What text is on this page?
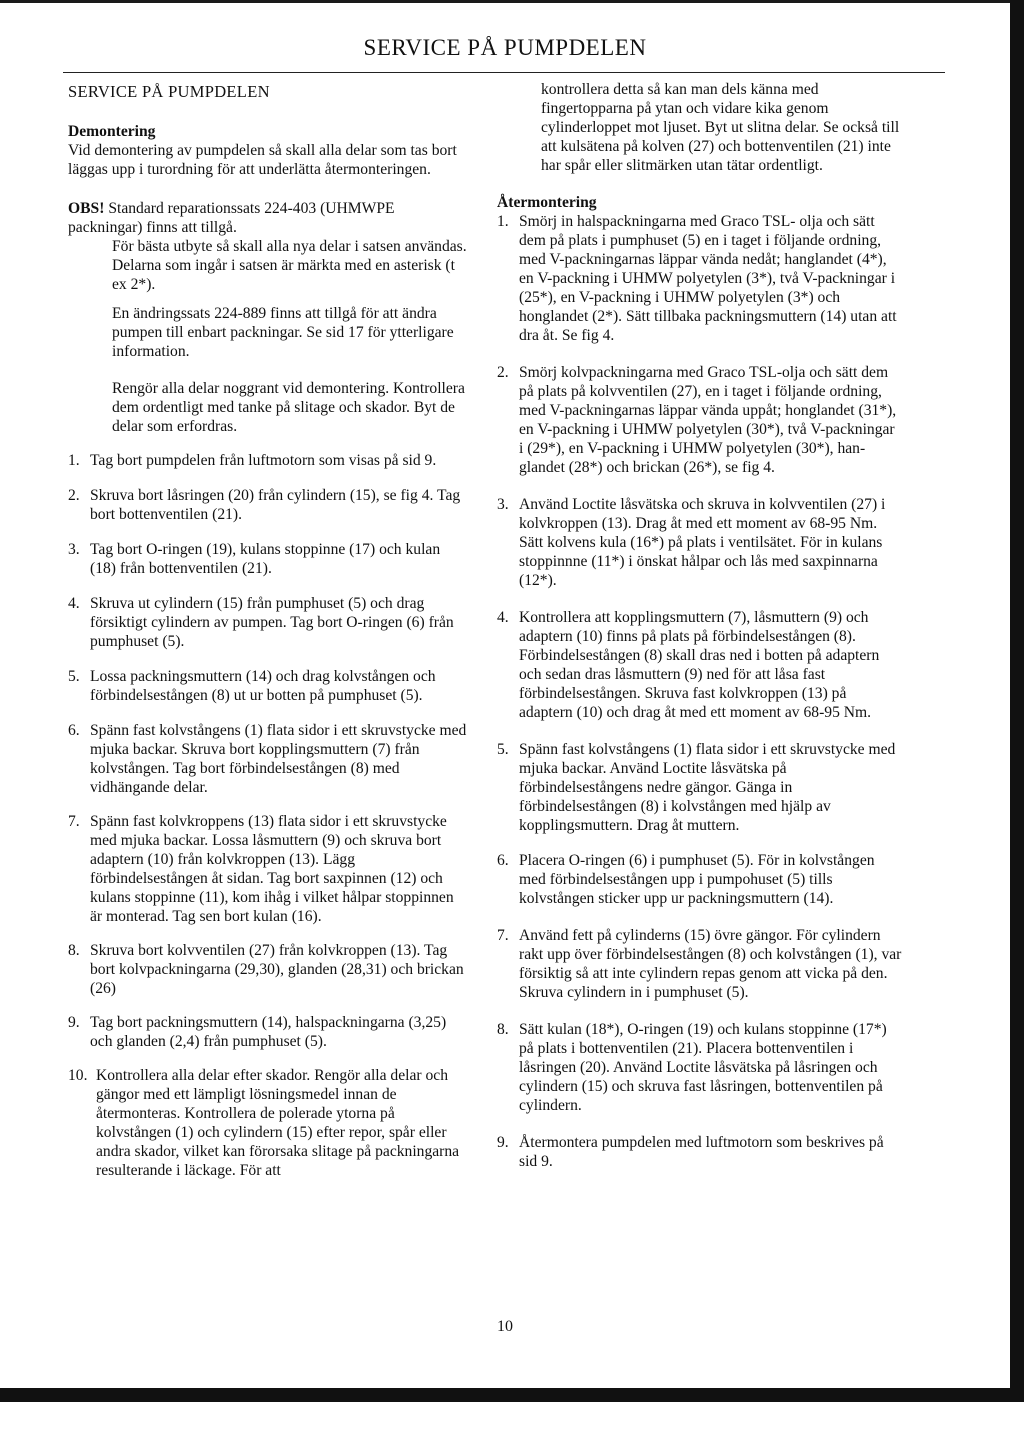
SERVICE PÅ PUMPDELEN
SERVICE PÅ PUMPDELEN
Demontering

Vid demontering av pumpdelen så skall alla delar som tas bort läggas upp i turordning för att underlätta återmonteringen.

OBS! Standard reparationssats 224-403 (UHMWPE packningar) finns att tillgå.

För bästa utbyte så skall alla nya delar i satsen användas. Delarna som ingår i satsen är märkta med en asterisk (t ex 2*).

En ändringssats 224-889 finns att tillgå för att ändra pumpen till enbart packningar. Se sid 17 för ytterligare information.

Rengör alla delar noggrant vid demontering. Kontrollera dem ordentligt med tanke på slitage och skador. Byt de delar som erfordras.

1. Tag bort pumpdelen från luftmotorn som visas på sid 9.
2. Skruva bort låsringen (20) från cylindern (15), se fig 4. Tag bort bottenventilen (21).
3. Tag bort O-ringen (19), kulans stoppinne (17) och kulan (18) från bottenventilen (21).
4. Skruva ut cylindern (15) från pumphuset (5) och drag försiktigt cylindern av pumpen. Tag bort O-ringen (6) från pumphuset (5).
5. Lossa packningsmuttern (14) och drag kolvstången och förbindelsestången (8) ut ur botten på pumphuset (5).
6. Spänn fast kolvstångens (1) flata sidor i ett skruvstycke med mjuka backar. Skruva bort kopplingsmuttern (7) från kolvstången. Tag bort förbindelsestången (8) med vidhängande delar.
7. Spänn fast kolvkroppens (13) flata sidor i ett skruvstycke med mjuka backar. Lossa låsmuttern (9) och skruva bort adaptern (10) från kolvkroppen (13). Lägg förbindelsestången åt sidan. Tag bort saxpinnen (12) och kulans stoppinne (11), kom ihåg i vilket hålpar stoppinnen är monterad. Tag sen bort kulan (16).
8. Skruva bort kolvventilen (27) från kolvkroppen (13). Tag bort kolvpackningarna (29,30), glanden (28,31) och brickan (26)
9. Tag bort packningsmuttern (14), halspackningarna (3,25) och glanden (2,4) från pumphuset (5).
10. Kontrollera alla delar efter skador. Rengör alla delar och gängor med ett lämpligt lösningsmedel innan de återmonteras. Kontrollera de polerade ytorna på kolvstången (1) och cylindern (15) efter repor, spår eller andra skador, vilket kan förorsaka slitage på packningarna resulterande i läckage. För att

kontrollera detta så kan man dels känna med fingertopparna på ytan och vidare kika genom cylinderloppet mot ljuset. Byt ut slitna delar. Se också till att kulsätena på kolven (27) och bottenventilen (21) inte har spår eller slitmärken utan tätar ordentligt.

Återmontering
1. Smörj in halspackningarna med Graco TSL- olja och sätt dem på plats i pumphuset (5) en i taget i följande ordning, med V-packningarnas läppar vända nedåt; hanglandet (4*), en V-packning i UHMW polyetylen (3*), två V-packningar i (25*), en V-packning i UHMW polyetylen (3*) och honglandet (2*). Sätt tillbaka packningsmuttern (14) utan att dra åt. Se fig 4.
2. Smörj kolvpackningarna med Graco TSL-olja och sätt dem på plats på kolvventilen (27), en i taget i följande ordning, med V-packningarnas läppar vända uppåt; honglandet (31*), en V-packning i UHMW polyetylen (30*), två V-packningar i (29*), en V-packning i UHMW polyetylen (30*), han- glandet (28*) och brickan (26*), se fig 4.
3. Använd Loctite låsvätska och skruva in kolvventilen (27) i kolvkroppen (13). Drag åt med ett moment av 68-95 Nm. Sätt kolvens kula (16*) på plats i ventilsätet. För in kulans stoppinnne (11*) i önskat hålpar och lås med saxpinnarna (12*).
4. Kontrollera att kopplingsmuttern (7), låsmuttern (9) och adaptern (10) finns på plats på förbindelsestången (8). Förbindelsestången (8) skall dras ned i botten på adaptern och sedan dras låsmuttern (9) ned för att låsa fast förbindelsestången. Skruva fast kolvkroppen (13) på adaptern (10) och drag åt med ett moment av 68-95 Nm.
5. Spänn fast kolvstångens (1) flata sidor i ett skruvstycke med mjuka backar. Använd Loctite låsvätska på förbindelsestångens nedre gängor. Gänga in förbindelsestången (8) i kolvstången med hjälp av kopplingsmuttern. Drag åt muttern.
6. Placera O-ringen (6) i pumphuset (5). För in kolvstången med förbindelsestången upp i pumpohuset (5) tills kolvstången sticker upp ur packningsmuttern (14).
7. Använd fett på cylinderns (15) övre gängor. För cylindern rakt upp över förbindelsestången (8) och kolvstången (1), var försiktig så att inte cylindern repas genom att vicka på den. Skruva cylindern in i pumphuset (5).
8. Sätt kulan (18*), O-ringen (19) och kulans stoppinne (17*) på plats i bottenventilen (21). Placera bottenventilen i låsringen (20). Använd Loctite låsvätska på låsringen och cylindern (15) och skruva fast låsringen, bottenventilen på cylindern.
9. Återmontera pumpdelen med luftmotorn som beskrives på sid 9.
10
